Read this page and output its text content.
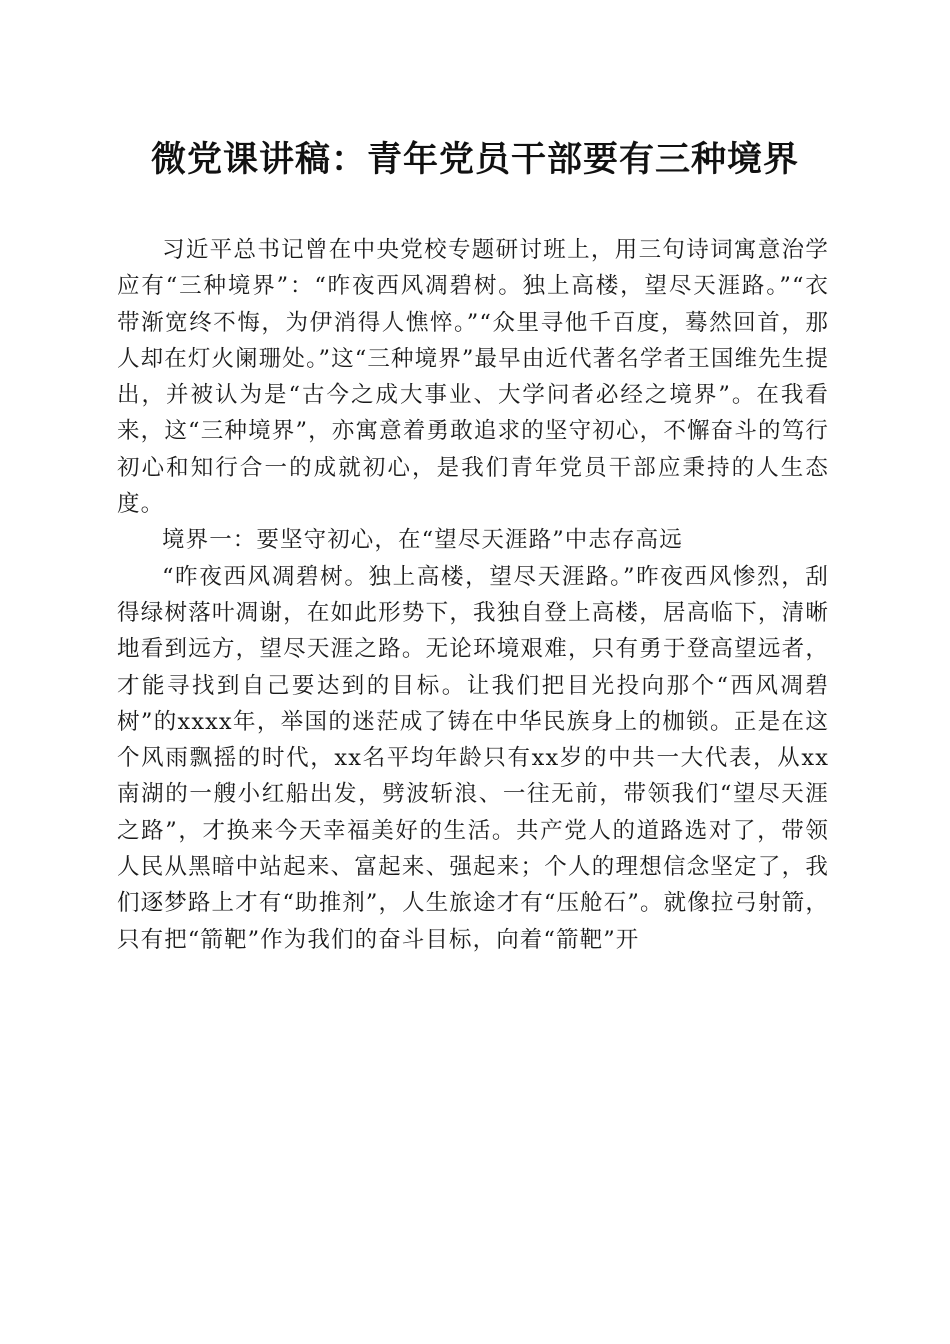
微党课讲稿：青年党员干部要有三种境界

习近平总书记曾在中央党校专题研讨班上，用三句诗词寓意治学应有“三种境界”：“昨夜西风凋碧树。独上高楼，望尽天涯路。”“衣带渐宽终不悔，为伊消得人憔悴。”“众里寻他千百度，蓦然回首，那人却在灯火阑珊处。”这“三种境界”最早由近代著名学者王国维先生提出，并被认为是“古今之成大事业、大学问者必经之境界”。在我看来，这“三种境界”，亦寓意着勇敢追求的坚守初心，不懈奋斗的笃行初心和知行合一的成就初心，是我们青年党员干部应秉持的人生态度。

境界一：要坚守初心，在“望尽天涯路”中志存高远

“昨夜西风凋碧树。独上高楼，望尽天涯路。”昨夜西风惨烈，刮得绿树落叶凋谢，在如此形势下，我独自登上高楼，居高临下，清晰地看到远方，望尽天涯之路。无论环境艰难，只有勇于登高望远者，才能寻找到自己要达到的目标。让我们把目光投向那个“西风凋碧树”的xxxx年，举国的迷茫成了铸在中华民族身上的枷锁。正是在这个风雨飘摇的时代，xx名平均年龄只有xx岁的中共一大代表，从xx南湖的一艘小红船出发，劈波斩浪、一往无前，带领我们“望尽天涯之路”，才换来今天幸福美好的生活。共产党人的道路选对了，带领人民从黑暗中站起来、富起来、强起来；个人的理想信念坚定了，我们逐梦路上才有“助推剂”，人生旅途才有“压舱石”。就像拉弓射箭，只有把“箭靶”作为我们的奋斗目标，向着“箭靶”开
